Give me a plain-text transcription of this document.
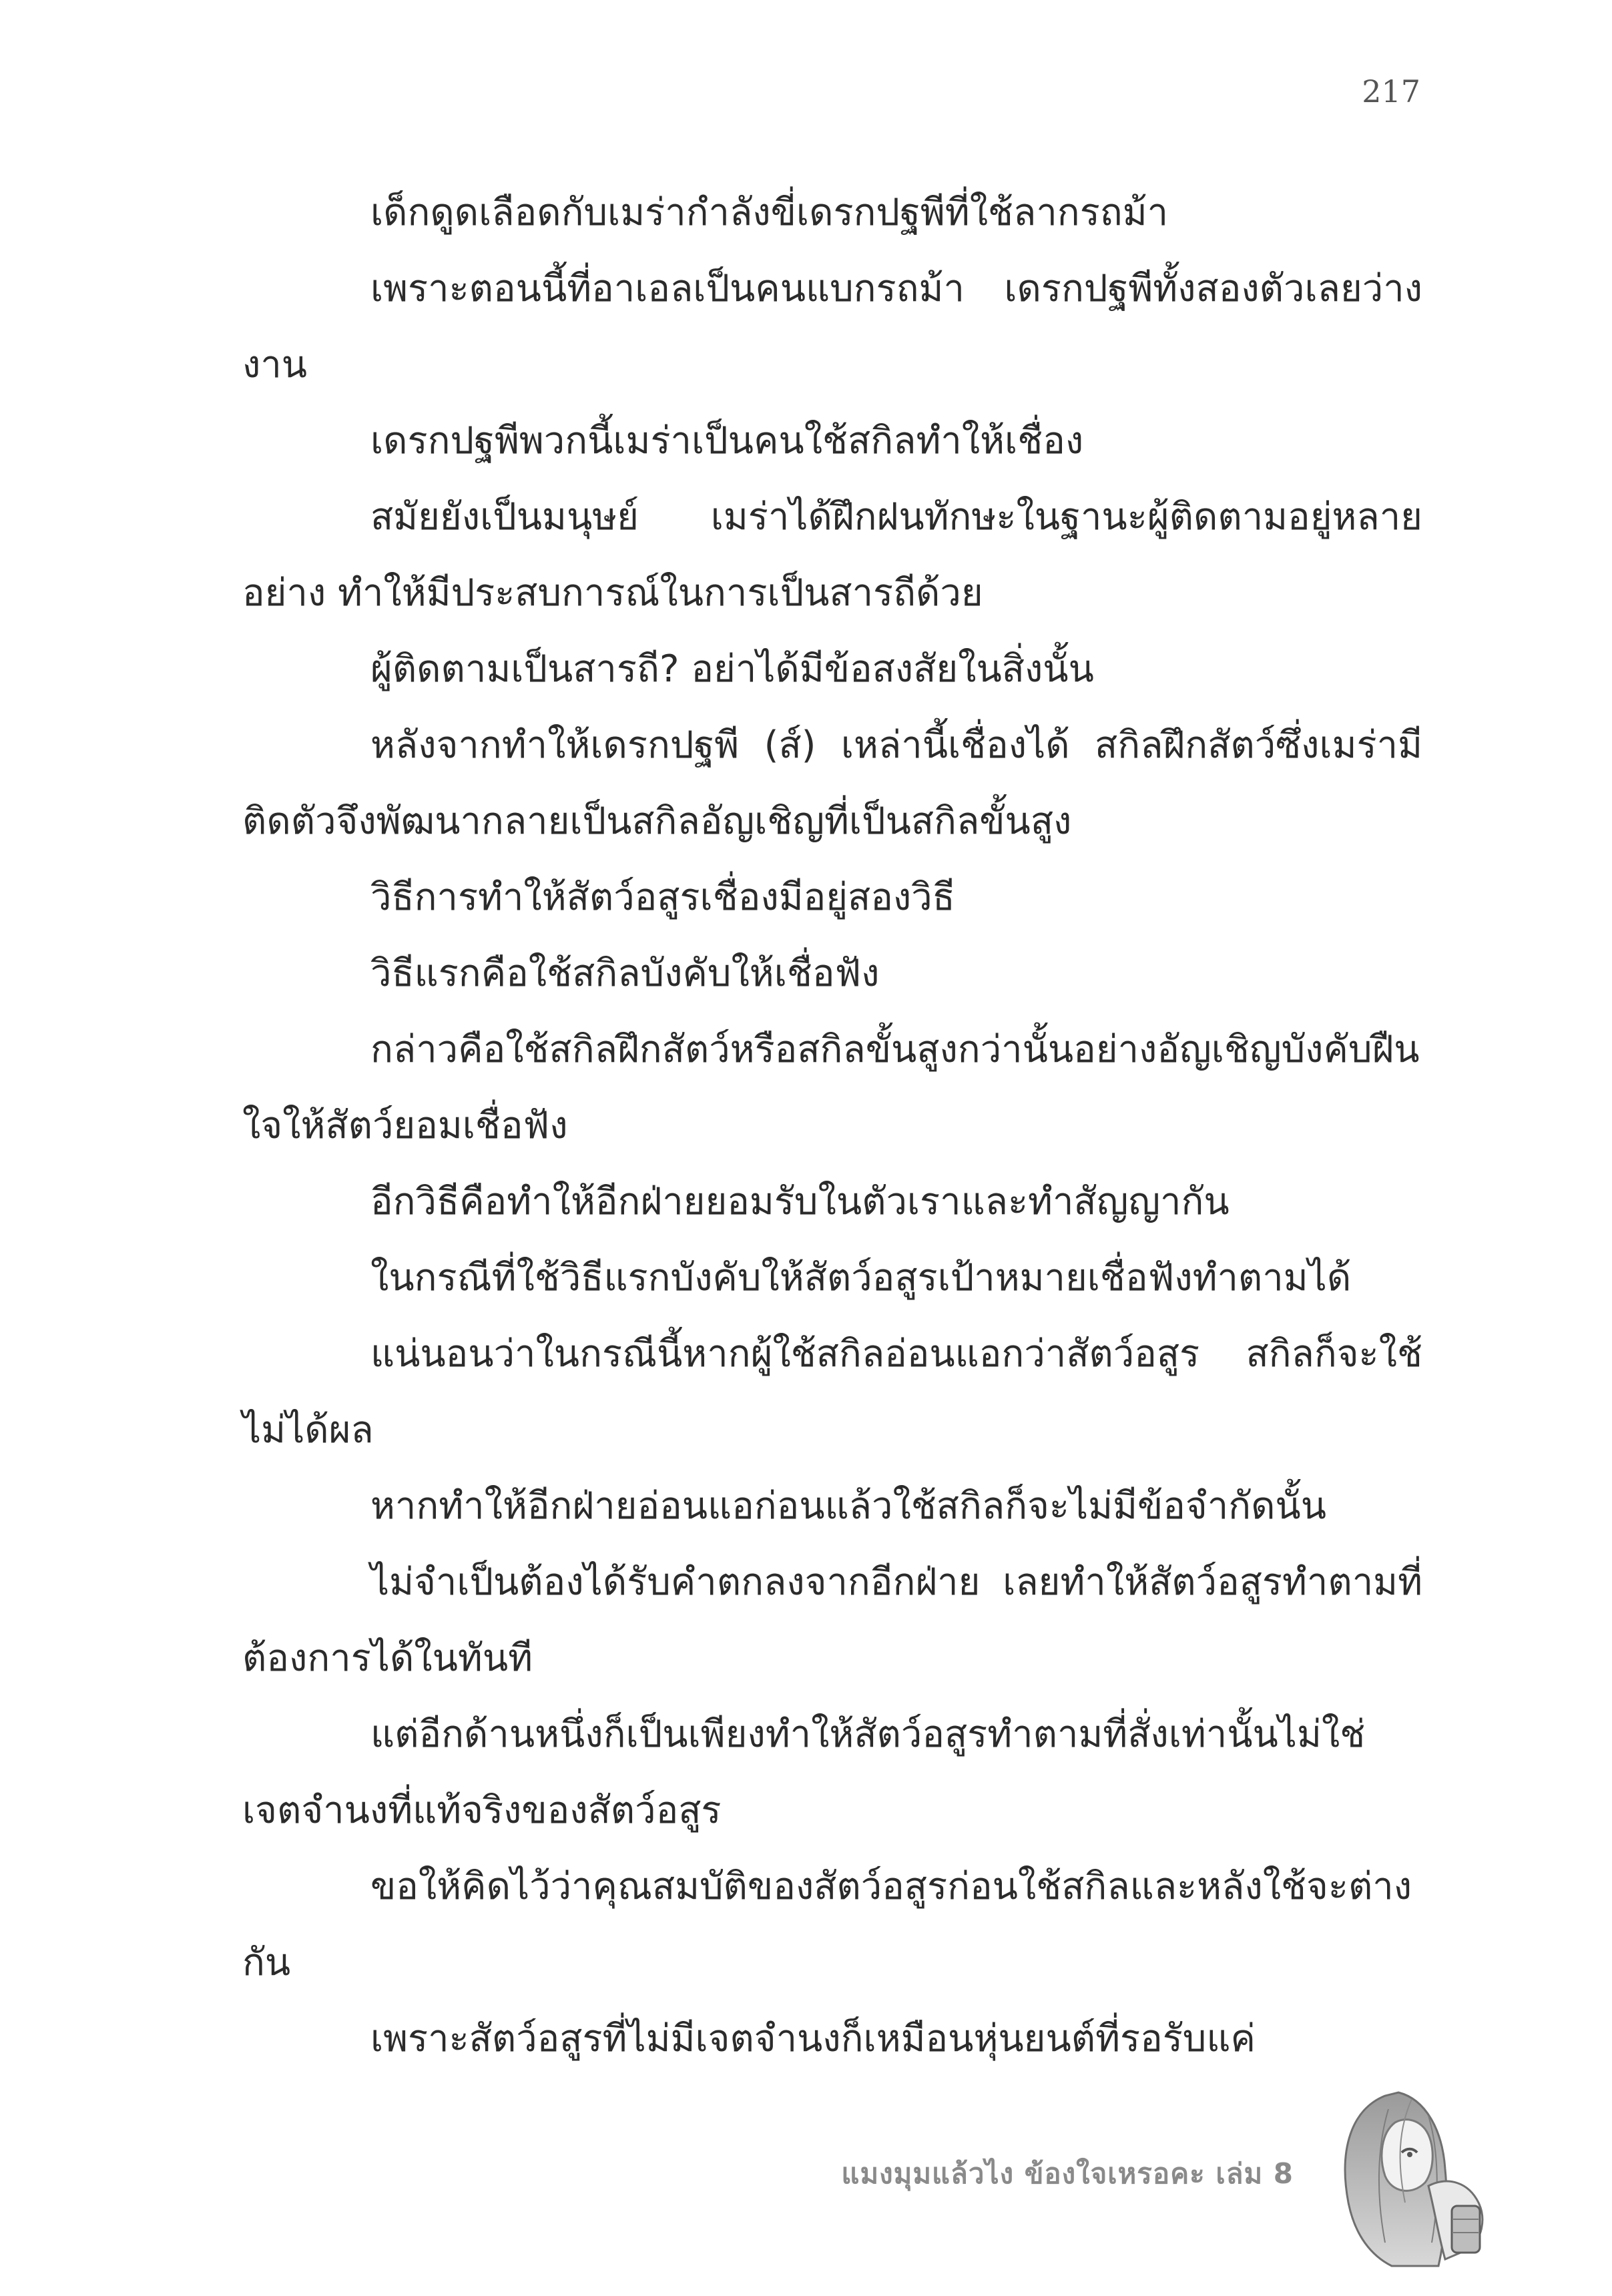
217

เด็กดูดเลือดกับเมร่ากำลังขี่เดรกปฐพีที่ใช้ลากรถม้า

เพราะตอนนี้ที่อาเอลเป็นคนแบกรถม้า เดรกปฐพีทั้งสองตัวเลยว่างงาน

เดรกปฐพีพวกนี้เมร่าเป็นคนใช้สกิลทำให้เชื่อง

สมัยยังเป็นมนุษย์ เมร่าได้ฝึกฝนทักษะในฐานะผู้ติดตามอยู่หลายอย่าง ทำให้มีประสบการณ์ในการเป็นสารถีด้วย

ผู้ติดตามเป็นสารถี? อย่าได้มีข้อสงสัยในสิ่งนั้น

หลังจากทำให้เดรกปฐพี (ส์) เหล่านี้เชื่องได้ สกิลฝึกสัตว์ซึ่งเมร่ามีติดตัวจึงพัฒนากลายเป็นสกิลอัญเชิญที่เป็นสกิลขั้นสูง

วิธีการทำให้สัตว์อสูรเชื่องมีอยู่สองวิธี

วิธีแรกคือใช้สกิลบังคับให้เชื่อฟัง

กล่าวคือใช้สกิลฝึกสัตว์หรือสกิลขั้นสูงกว่านั้นอย่างอัญเชิญบังคับฝืนใจให้สัตว์ยอมเชื่อฟัง

อีกวิธีคือทำให้อีกฝ่ายยอมรับในตัวเราและทำสัญญากัน

ในกรณีที่ใช้วิธีแรกบังคับให้สัตว์อสูรเป้าหมายเชื่อฟังทำตามได้

แน่นอนว่าในกรณีนี้หากผู้ใช้สกิลอ่อนแอกว่าสัตว์อสูร สกิลก็จะใช้ไม่ได้ผล

หากทำให้อีกฝ่ายอ่อนแอก่อนแล้วใช้สกิลก็จะไม่มีข้อจำกัดนั้น

ไม่จำเป็นต้องได้รับคำตกลงจากอีกฝ่าย เลยทำให้สัตว์อสูรทำตามที่ต้องการได้ในทันที

แต่อีกด้านหนึ่งก็เป็นเพียงทำให้สัตว์อสูรทำตามที่สั่งเท่านั้นไม่ใช่เจตจำนงที่แท้จริงของสัตว์อสูร

ขอให้คิดไว้ว่าคุณสมบัติของสัตว์อสูรก่อนใช้สกิลและหลังใช้จะต่างกัน

เพราะสัตว์อสูรที่ไม่มีเจตจำนงก็เหมือนหุ่นยนต์ที่รอรับแค่

แมงมุมแล้วไง ข้องใจเหรอคะ เล่ม 8
